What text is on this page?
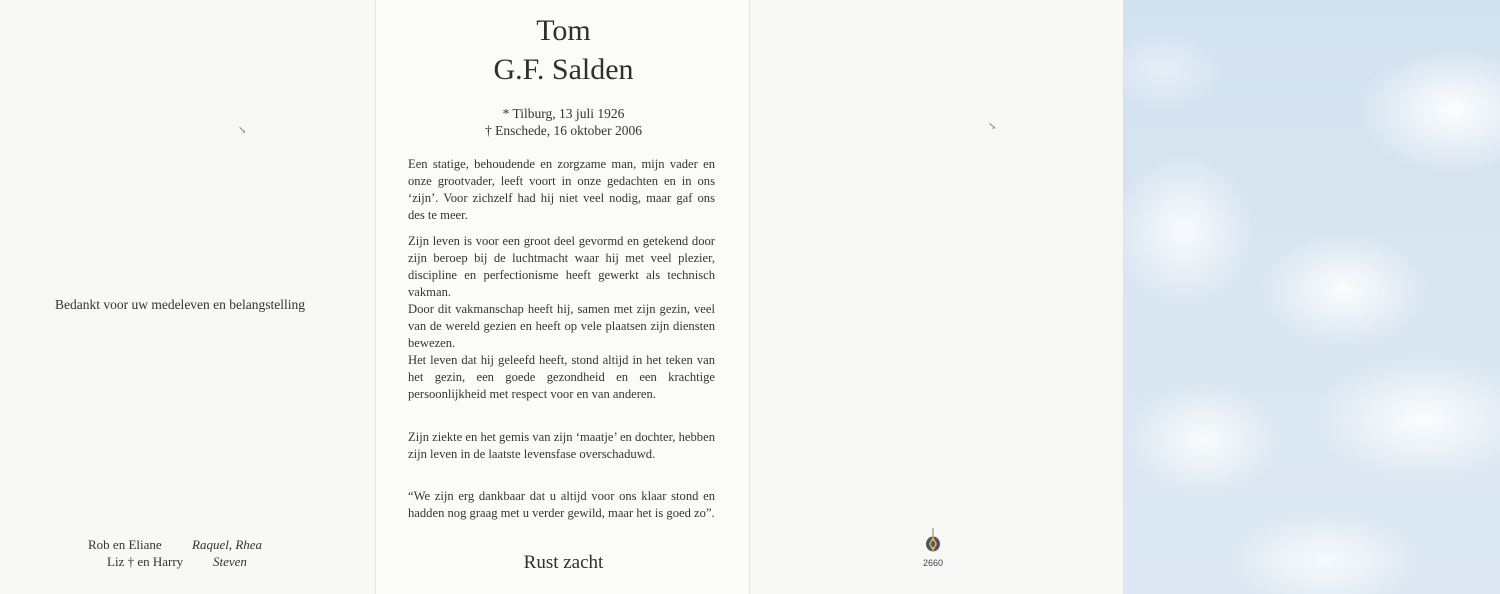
↘
Bedankt voor uw medeleven en belangstelling
Rob en Eliane Raquel, Rhea
Liz † en Harry Steven
Tom
G.F. Salden
* Tilburg, 13 juli 1926
† Enschede, 16 oktober 2006

Een statige, behoudende en zorgzame man, mijn vader en onze grootvader, leeft voort in onze gedachten en in ons ‘zijn’. Voor zichzelf had hij niet veel nodig, maar gaf ons des te meer.

Zijn leven is voor een groot deel gevormd en getekend door zijn beroep bij de luchtmacht waar hij met veel plezier, discipline en perfectionisme heeft gewerkt als technisch vakman.

Door dit vakmanschap heeft hij, samen met zijn gezin, veel van de wereld gezien en heeft op vele plaatsen zijn diensten bewezen.

Het leven dat hij geleefd heeft, stond altijd in het teken van het gezin, een goede gezondheid en een krachtige persoonlijkheid met respect voor en van anderen.

Zijn ziekte en het gemis van zijn ‘maatje’ en dochter, hebben zijn leven in de laatste levensfase overschaduwd.

“We zijn erg dankbaar dat u altijd voor ons klaar stond en hadden nog graag met u verder gewild, maar het is goed zo”.

Rust zacht
↘
2660
